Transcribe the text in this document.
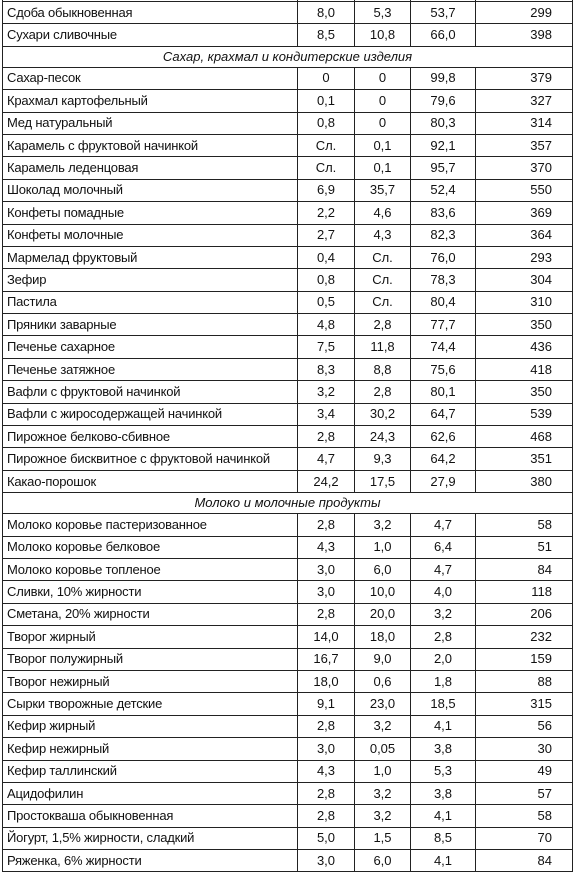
Сдоба обыкновенная	8,0	5,3	53,7	299
Сухари сливочные	8,5	10,8	66,0	398
Сахар, крахмал и кондитерские изделия				
Сахар-песок	0	0	99,8	379
Крахмал картофельный	0,1	0	79,6	327
Мед натуральный	0,8	0	80,3	314
Карамель с фруктовой начинкой	Сл.	0,1	92,1	357
Карамель леденцовая	Сл.	0,1	95,7	370
Шоколад молочный	6,9	35,7	52,4	550
Конфеты помадные	2,2	4,6	83,6	369
Конфеты молочные	2,7	4,3	82,3	364
Мармелад фруктовый	0,4	Сл.	76,0	293
Зефир	0,8	Сл.	78,3	304
Пастила	0,5	Сл.	80,4	310
Пряники заварные	4,8	2,8	77,7	350
Печенье сахарное	7,5	11,8	74,4	436
Печенье затяжное	8,3	8,8	75,6	418
Вафли с фруктовой начинкой	3,2	2,8	80,1	350
Вафли с жиросодержащей начинкой	3,4	30,2	64,7	539
Пирожное белково-сбивное	2,8	24,3	62,6	468
Пирожное бисквитное с фруктовой начинкой	4,7	9,3	64,2	351
Какао-порошок	24,2	17,5	27,9	380
Молоко и молочные продукты				
Молоко коровье пастеризованное	2,8	3,2	4,7	58
Молоко коровье белковое	4,3	1,0	6,4	51
Молоко коровье топленое	3,0	6,0	4,7	84
Сливки, 10% жирности	3,0	10,0	4,0	118
Сметана, 20% жирности	2,8	20,0	3,2	206
Творог жирный	14,0	18,0	2,8	232
Творог полужирный	16,7	9,0	2,0	159
Творог нежирный	18,0	0,6	1,8	88
Сырки творожные детские	9,1	23,0	18,5	315
Кефир жирный	2,8	3,2	4,1	56
Кефир нежирный	3,0	0,05	3,8	30
Кефир таллинский	4,3	1,0	5,3	49
Ацидофилин	2,8	3,2	3,8	57
Простокваша обыкновенная	2,8	3,2	4,1	58
Йогурт, 1,5% жирности, сладкий	5,0	1,5	8,5	70
Ряженка, 6% жирности	3,0	6,0	4,1	84
